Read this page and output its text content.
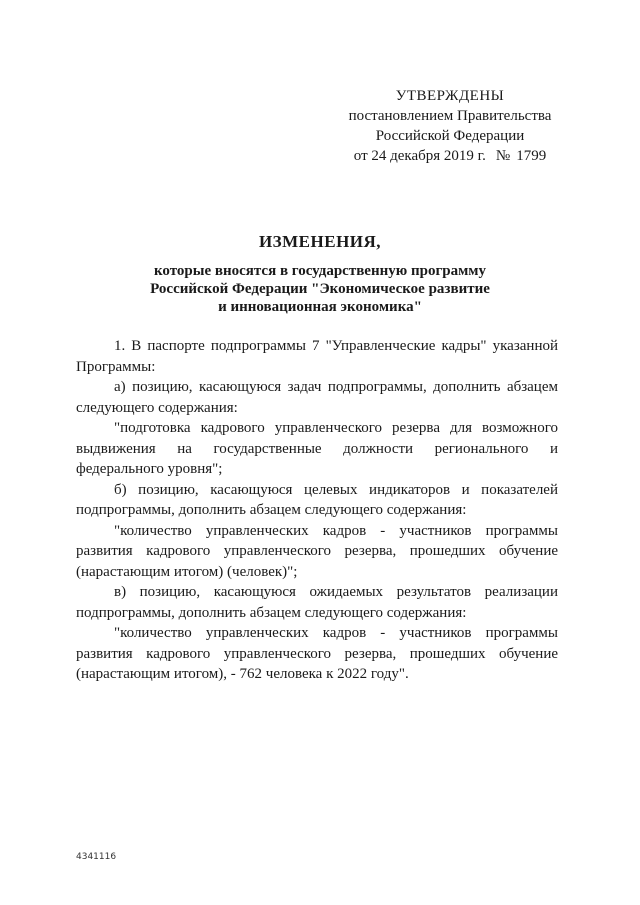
УТВЕРЖДЕНЫ
постановлением Правительства
Российской Федерации
от 24 декабря 2019 г. № 1799
ИЗМЕНЕНИЯ,
которые вносятся в государственную программу
Российской Федерации "Экономическое развитие
и инновационная экономика"

1. В паспорте подпрограммы 7 "Управленческие кадры" указанной Программы:

а) позицию, касающуюся задач подпрограммы, дополнить абзацем следующего содержания:

"подготовка кадрового управленческого резерва для возможного выдвижения на государственные должности регионального и федерального уровня";

б) позицию, касающуюся целевых индикаторов и показателей подпрограммы, дополнить абзацем следующего содержания:

"количество управленческих кадров - участников программы развития кадрового управленческого резерва, прошедших обучение (нарастающим итогом) (человек)";

в) позицию, касающуюся ожидаемых результатов реализации подпрограммы, дополнить абзацем следующего содержания:

"количество управленческих кадров - участников программы развития кадрового управленческого резерва, прошедших обучение (нарастающим итогом), - 762 человека к 2022 году".

4341116
